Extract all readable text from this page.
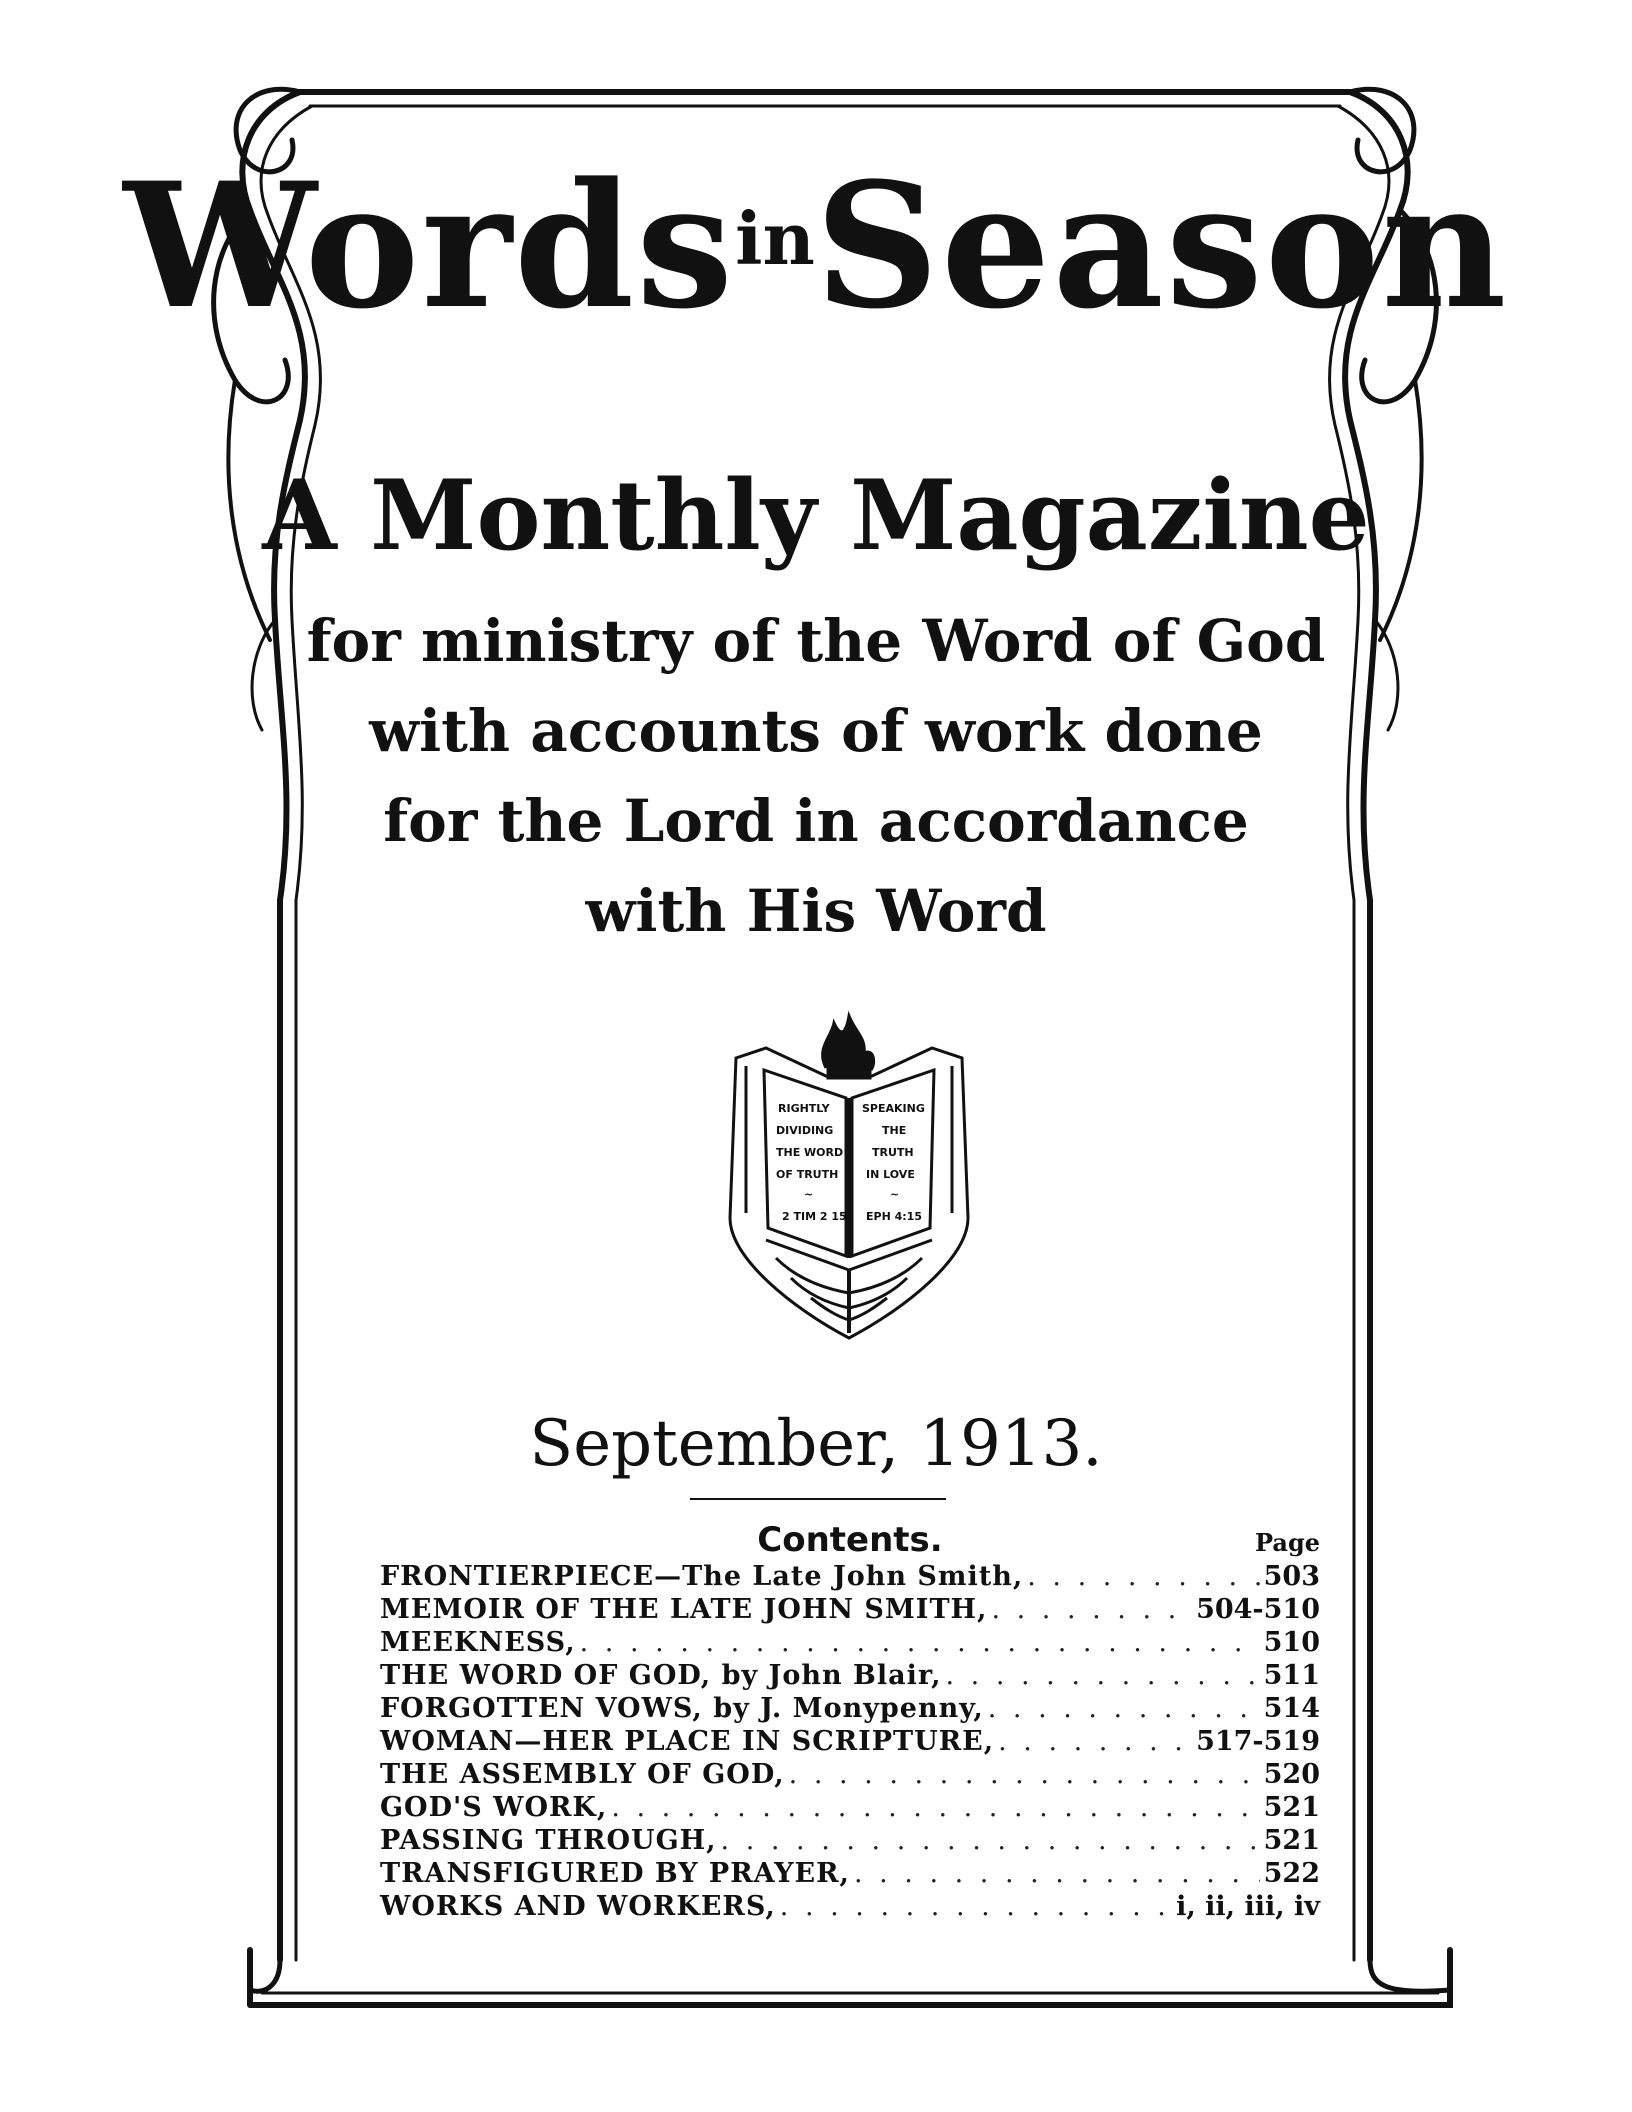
Words$^{in}$Season
A Monthly Magazine
for ministry of the Word of God
with accounts of work done
for the Lord in accordance
with His Word
RIGHTLY
DIVIDING
THE WORD
OF TRUTH
~
2 TIM 2 15
SPEAKING
THE
TRUTH
IN LOVE
~
EPH 4:15
September, 1913.
Contents.	Page
FRONTIERPIECE—The Late John Smith, . . .	503
MEMOIR OF THE LATE JOHN SMITH, . . .	504-510
MEEKNESS, . . .	510
THE WORD OF GOD, by John Blair, . . .	511
FORGOTTEN VOWS, by J. Monypenny, . . .	514
WOMAN—HER PLACE IN SCRIPTURE, . . .	517-519
THE ASSEMBLY OF GOD, . . .	520
GOD'S WORK, . . .	521
PASSING THROUGH, . . .	521
TRANSFIGURED BY PRAYER, . . .	522
WORKS AND WORKERS, . . .	i, ii, iii, iv
